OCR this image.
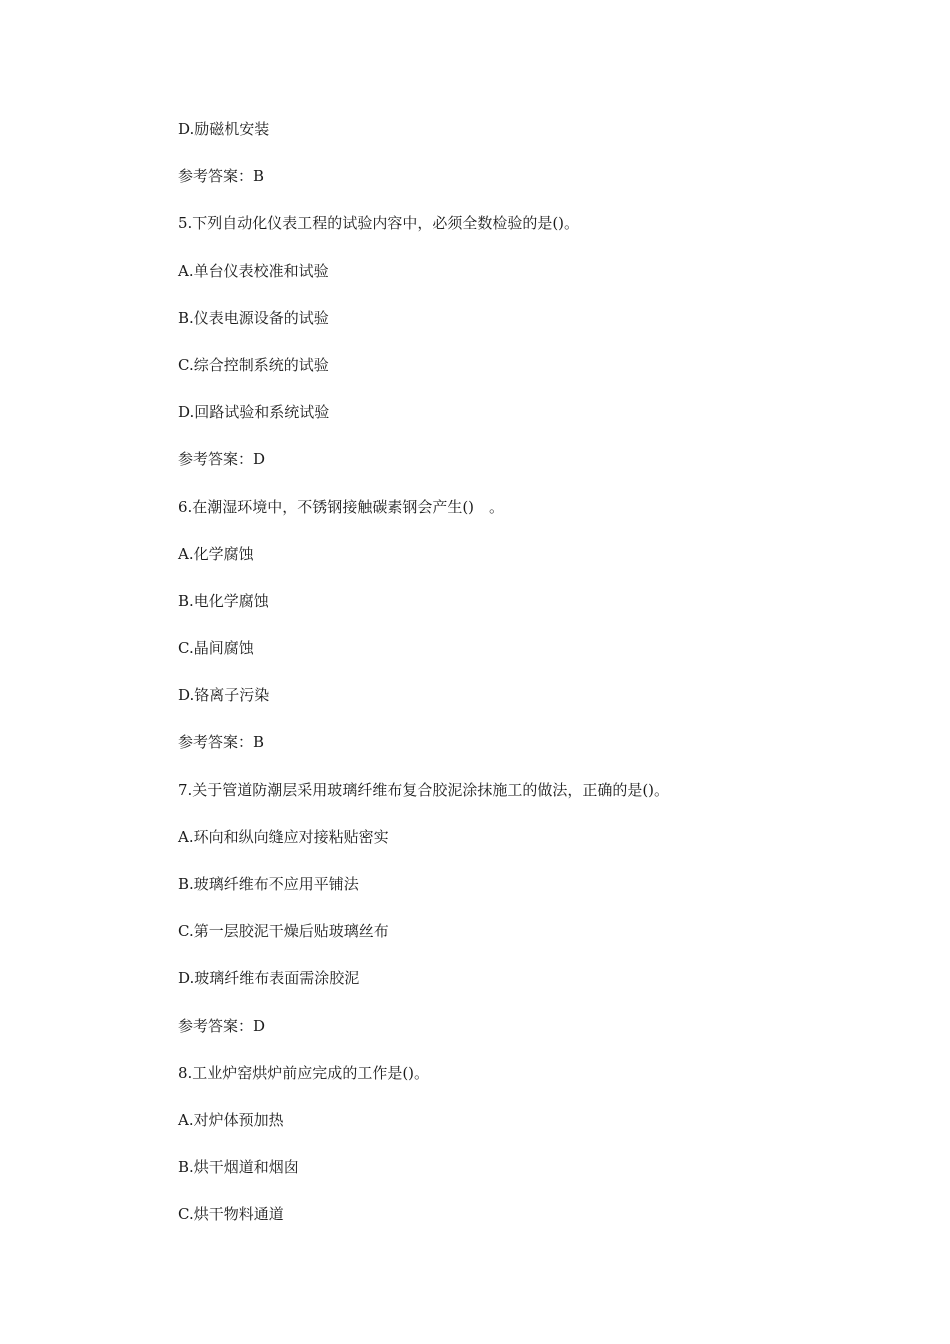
D.励磁机安装
参考答案：B
5.下列自动化仪表工程的试验内容中，必须全数检验的是()。
A.单台仪表校准和试验
B.仪表电源设备的试验
C.综合控制系统的试验
D.回路试验和系统试验
参考答案：D
6.在潮湿环境中，不锈钢接触碳素钢会产生()　。
A.化学腐蚀
B.电化学腐蚀
C.晶间腐蚀
D.铬离子污染
参考答案：B
7.关于管道防潮层采用玻璃纤维布复合胶泥涂抹施工的做法，正确的是()。
A.环向和纵向缝应对接粘贴密实
B.玻璃纤维布不应用平铺法
C.第一层胶泥干燥后贴玻璃丝布
D.玻璃纤维布表面需涂胶泥
参考答案：D
8.工业炉窑烘炉前应完成的工作是()。
A.对炉体预加热
B.烘干烟道和烟囱
C.烘干物料通道
